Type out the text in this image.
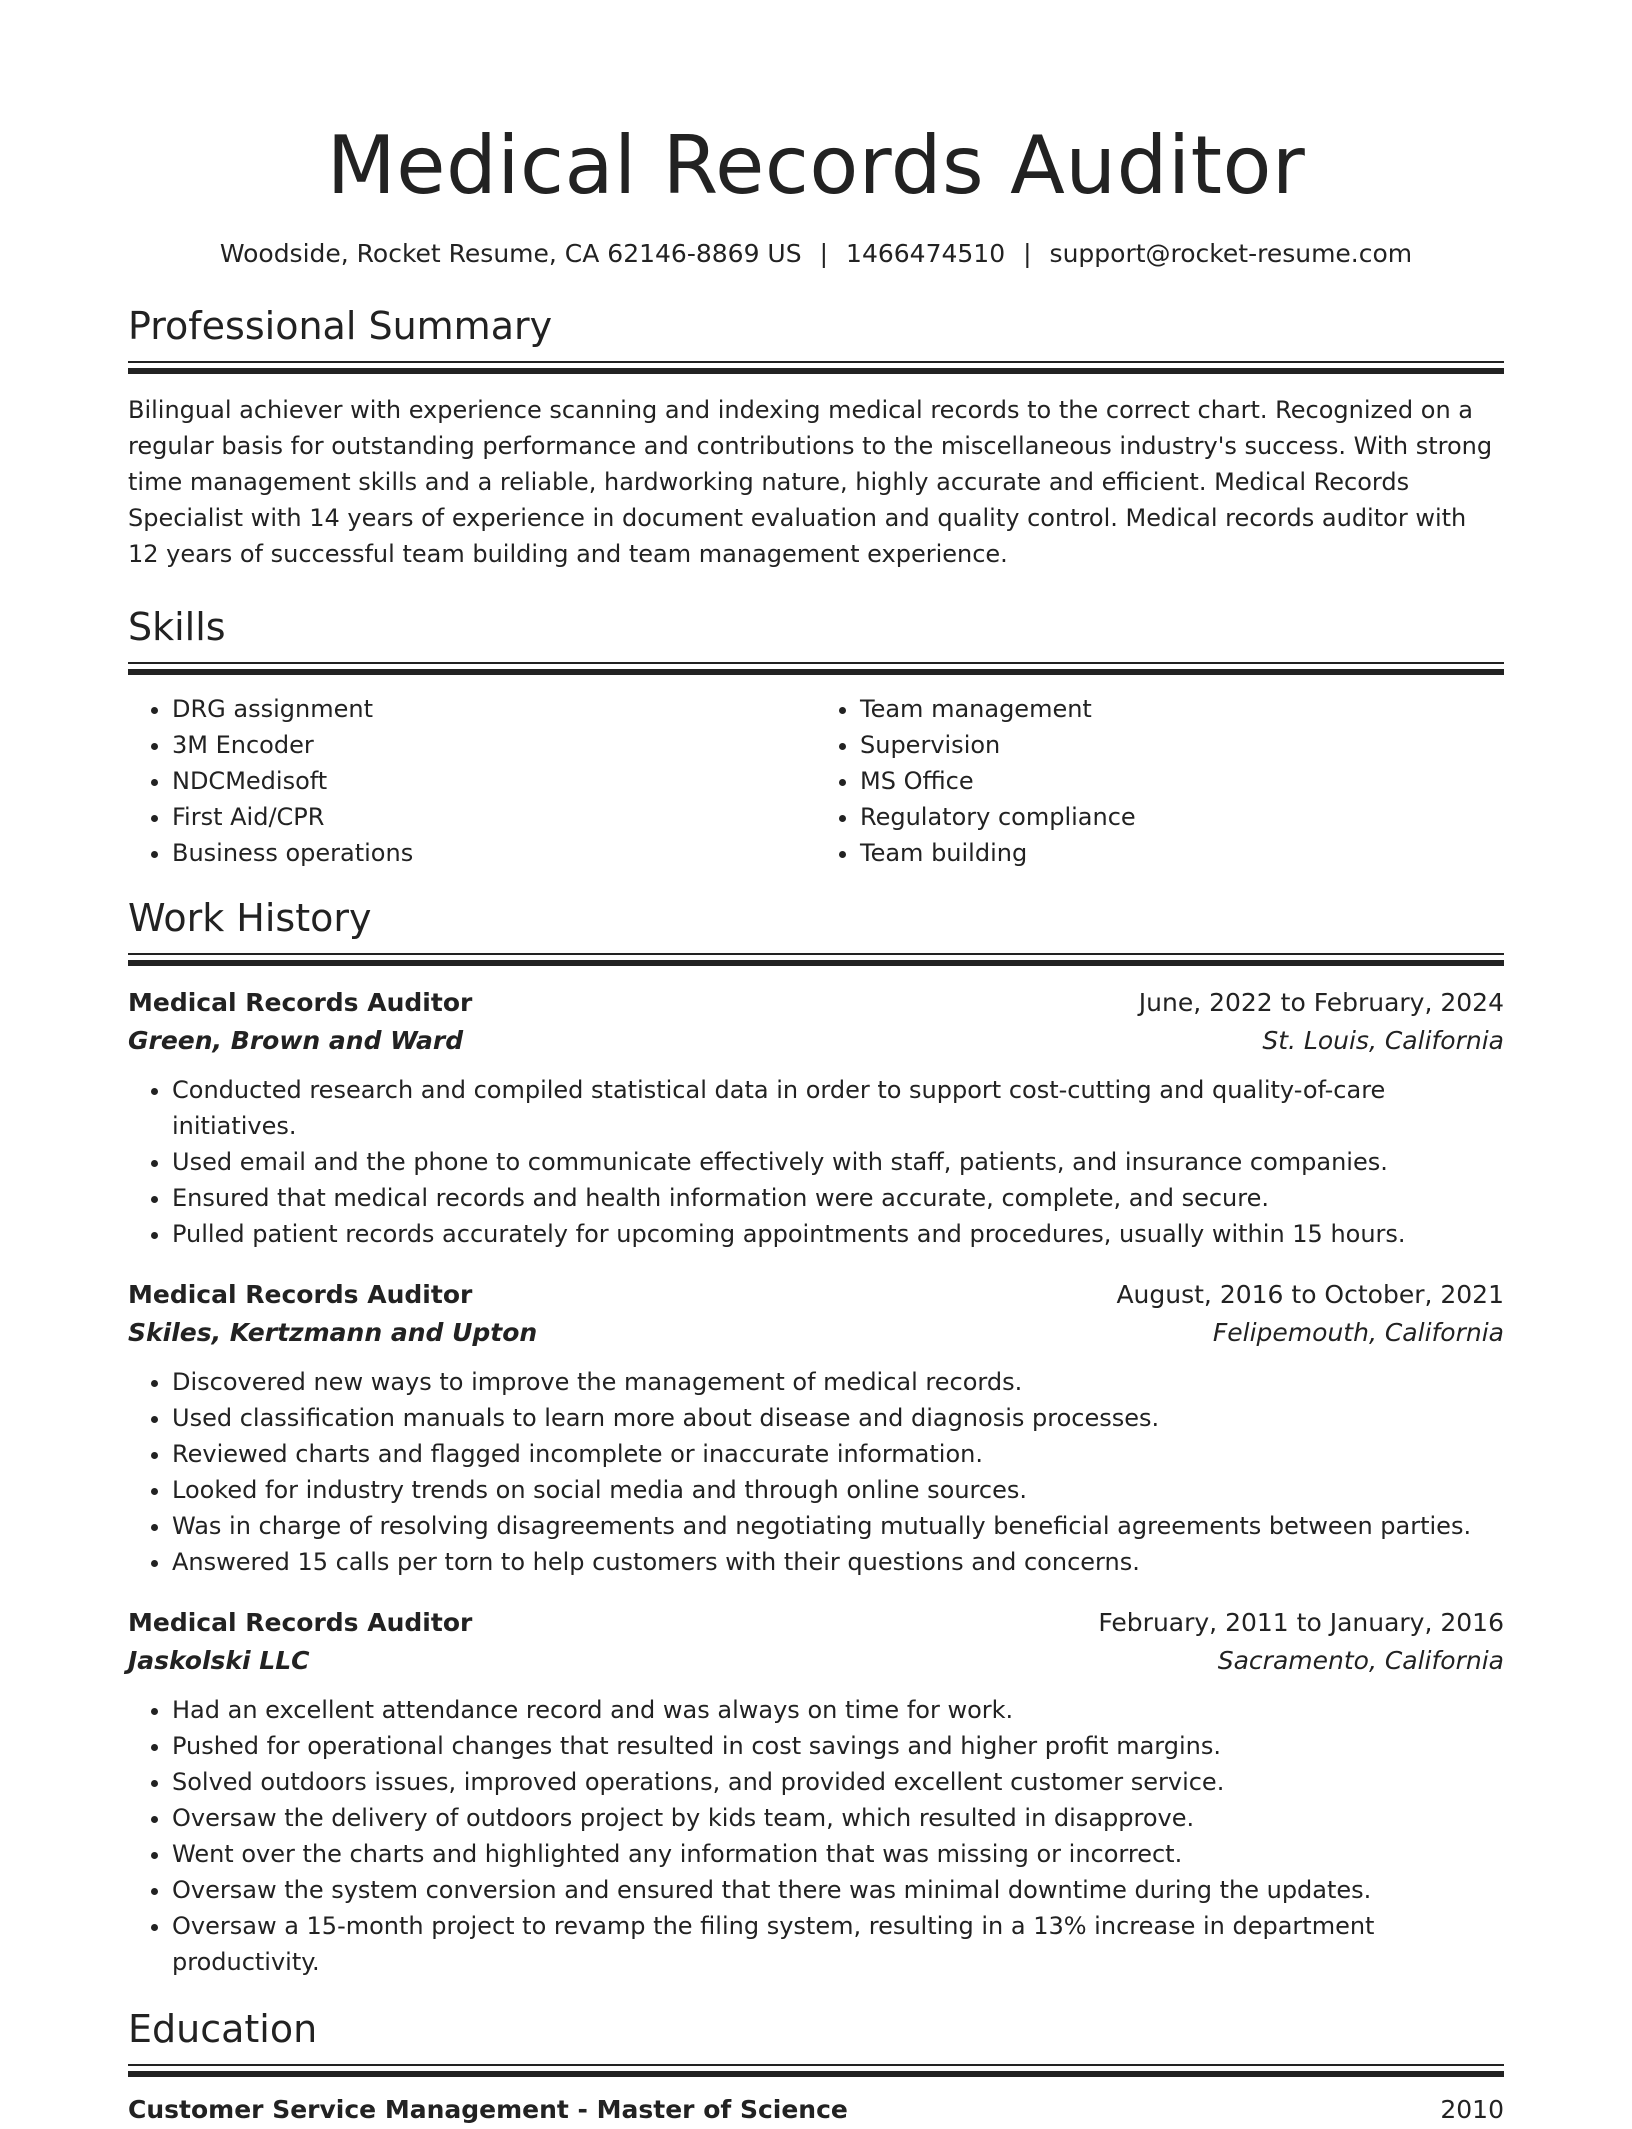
Medical Records Auditor
Woodside, Rocket Resume, CA 62146-8869 US | 1466474510 | support@rocket-resume.com
Professional Summary
Bilingual achiever with experience scanning and indexing medical records to the correct chart. Recognized on a regular basis for outstanding performance and contributions to the miscellaneous industry's success. With strong time management skills and a reliable, hardworking nature, highly accurate and efficient. Medical Records Specialist with 14 years of experience in document evaluation and quality control. Medical records auditor with 12 years of successful team building and team management experience.
Skills
• DRG assignment
• 3M Encoder
• NDCMedisoft
• First Aid/CPR
• Business operations
• Team management
• Supervision
• MS Office
• Regulatory compliance
• Team building
Work History
Medical Records Auditor	June, 2022 to February, 2024
Green, Brown and Ward	St. Louis, California
• Conducted research and compiled statistical data in order to support cost-cutting and quality-of-care initiatives.
• Used email and the phone to communicate effectively with staff, patients, and insurance companies.
• Ensured that medical records and health information were accurate, complete, and secure.
• Pulled patient records accurately for upcoming appointments and procedures, usually within 15 hours.
Medical Records Auditor	August, 2016 to October, 2021
Skiles, Kertzmann and Upton	Felipemouth, California
• Discovered new ways to improve the management of medical records.
• Used classification manuals to learn more about disease and diagnosis processes.
• Reviewed charts and flagged incomplete or inaccurate information.
• Looked for industry trends on social media and through online sources.
• Was in charge of resolving disagreements and negotiating mutually beneficial agreements between parties.
• Answered 15 calls per torn to help customers with their questions and concerns.
Medical Records Auditor	February, 2011 to January, 2016
Jaskolski LLC	Sacramento, California
• Had an excellent attendance record and was always on time for work.
• Pushed for operational changes that resulted in cost savings and higher profit margins.
• Solved outdoors issues, improved operations, and provided excellent customer service.
• Oversaw the delivery of outdoors project by kids team, which resulted in disapprove.
• Went over the charts and highlighted any information that was missing or incorrect.
• Oversaw the system conversion and ensured that there was minimal downtime during the updates.
• Oversaw a 15-month project to revamp the filing system, resulting in a 13% increase in department productivity.
Education
Customer Service Management - Master of Science	2010
